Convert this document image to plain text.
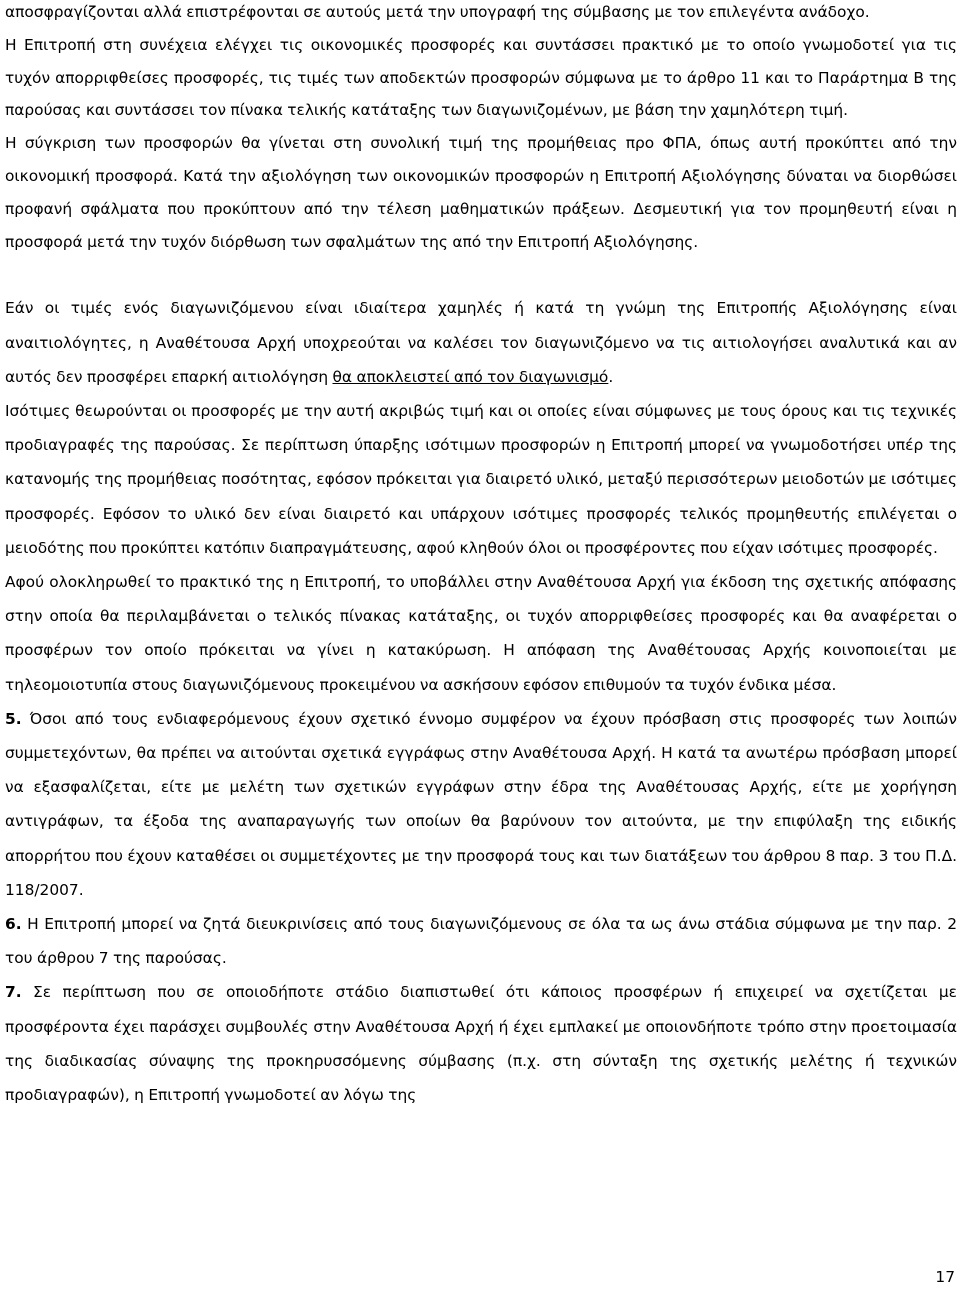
αποσφραγίζονται αλλά επιστρέφονται σε αυτούς μετά την υπογραφή της σύμβασης με τον επιλεγέντα ανάδοχο.

Η Επιτροπή στη συνέχεια ελέγχει τις οικονομικές προσφορές και συντάσσει πρακτικό με το οποίο γνωμοδοτεί για τις τυχόν απορριφθείσες προσφορές, τις τιμές των αποδεκτών προσφορών σύμφωνα με το άρθρο 11 και το Παράρτημα Β της παρούσας και συντάσσει τον πίνακα τελικής κατάταξης των διαγωνιζομένων, με βάση την χαμηλότερη τιμή.

Η σύγκριση των προσφορών θα γίνεται στη συνολική τιμή της προμήθειας προ ΦΠΑ, όπως αυτή προκύπτει από την οικονομική προσφορά. Κατά την αξιολόγηση των οικονομικών προσφορών η Επιτροπή Αξιολόγησης δύναται να διορθώσει προφανή σφάλματα που προκύπτουν από την τέλεση μαθηματικών πράξεων. Δεσμευτική για τον προμηθευτή είναι η προσφορά μετά την τυχόν διόρθωση των σφαλμάτων της από την Επιτροπή Αξιολόγησης.

Εάν οι τιμές ενός διαγωνιζόμενου είναι ιδιαίτερα χαμηλές ή κατά τη γνώμη της Επιτροπής Αξιολόγησης είναι αναιτιολόγητες, η Αναθέτουσα Αρχή υποχρεούται να καλέσει τον διαγωνιζόμενο να τις αιτιολογήσει αναλυτικά και αν αυτός δεν προσφέρει επαρκή αιτιολόγηση θα αποκλειστεί από τον διαγωνισμό.

Ισότιμες θεωρούνται οι προσφορές με την αυτή ακριβώς τιμή και οι οποίες είναι σύμφωνες με τους όρους και τις τεχνικές προδιαγραφές της παρούσας. Σε περίπτωση ύπαρξης ισότιμων προσφορών η Επιτροπή μπορεί να γνωμοδοτήσει υπέρ της κατανομής της προμήθειας ποσότητας, εφόσον πρόκειται για διαιρετό υλικό, μεταξύ περισσότερων μειοδοτών με ισότιμες προσφορές. Εφόσον το υλικό δεν είναι διαιρετό και υπάρχουν ισότιμες προσφορές τελικός προμηθευτής επιλέγεται ο μειοδότης που προκύπτει κατόπιν διαπραγμάτευσης, αφού κληθούν όλοι οι προσφέροντες που είχαν ισότιμες προσφορές.

Αφού ολοκληρωθεί το πρακτικό της η Επιτροπή, το υποβάλλει στην Αναθέτουσα Αρχή για έκδοση της σχετικής απόφασης στην οποία θα περιλαμβάνεται ο τελικός πίνακας κατάταξης, οι τυχόν απορριφθείσες προσφορές και θα αναφέρεται ο προσφέρων τον οποίο πρόκειται να γίνει η κατακύρωση. Η απόφαση της Αναθέτουσας Αρχής κοινοποιείται με τηλεομοιοτυπία στους διαγωνιζόμενους προκειμένου να ασκήσουν εφόσον επιθυμούν τα τυχόν ένδικα μέσα.

5. Όσοι από τους ενδιαφερόμενους έχουν σχετικό έννομο συμφέρον να έχουν πρόσβαση στις προσφορές των λοιπών συμμετεχόντων, θα πρέπει να αιτούνται σχετικά εγγράφως στην Αναθέτουσα Αρχή. Η κατά τα ανωτέρω πρόσβαση μπορεί να εξασφαλίζεται, είτε με μελέτη των σχετικών εγγράφων στην έδρα της Αναθέτουσας Αρχής, είτε με χορήγηση αντιγράφων, τα έξοδα της αναπαραγωγής των οποίων θα βαρύνουν τον αιτούντα, με την επιφύλαξη της ειδικής απορρήτου που έχουν καταθέσει οι συμμετέχοντες με την προσφορά τους και των διατάξεων του άρθρου 8 παρ. 3 του Π.Δ. 118/2007.

6. Η Επιτροπή μπορεί να ζητά διευκρινίσεις από τους διαγωνιζόμενους σε όλα τα ως άνω στάδια σύμφωνα με την παρ. 2 του άρθρου 7 της παρούσας.

7. Σε περίπτωση που σε οποιοδήποτε στάδιο διαπιστωθεί ότι κάποιος προσφέρων ή επιχειρεί να σχετίζεται με προσφέροντα έχει παράσχει συμβουλές στην Αναθέτουσα Αρχή ή έχει εμπλακεί με οποιονδήποτε τρόπο στην προετοιμασία της διαδικασίας σύναψης της προκηρυσσόμενης σύμβασης (π.χ. στη σύνταξη της σχετικής μελέτης ή τεχνικών προδιαγραφών), η Επιτροπή γνωμοδοτεί αν λόγω της

17
